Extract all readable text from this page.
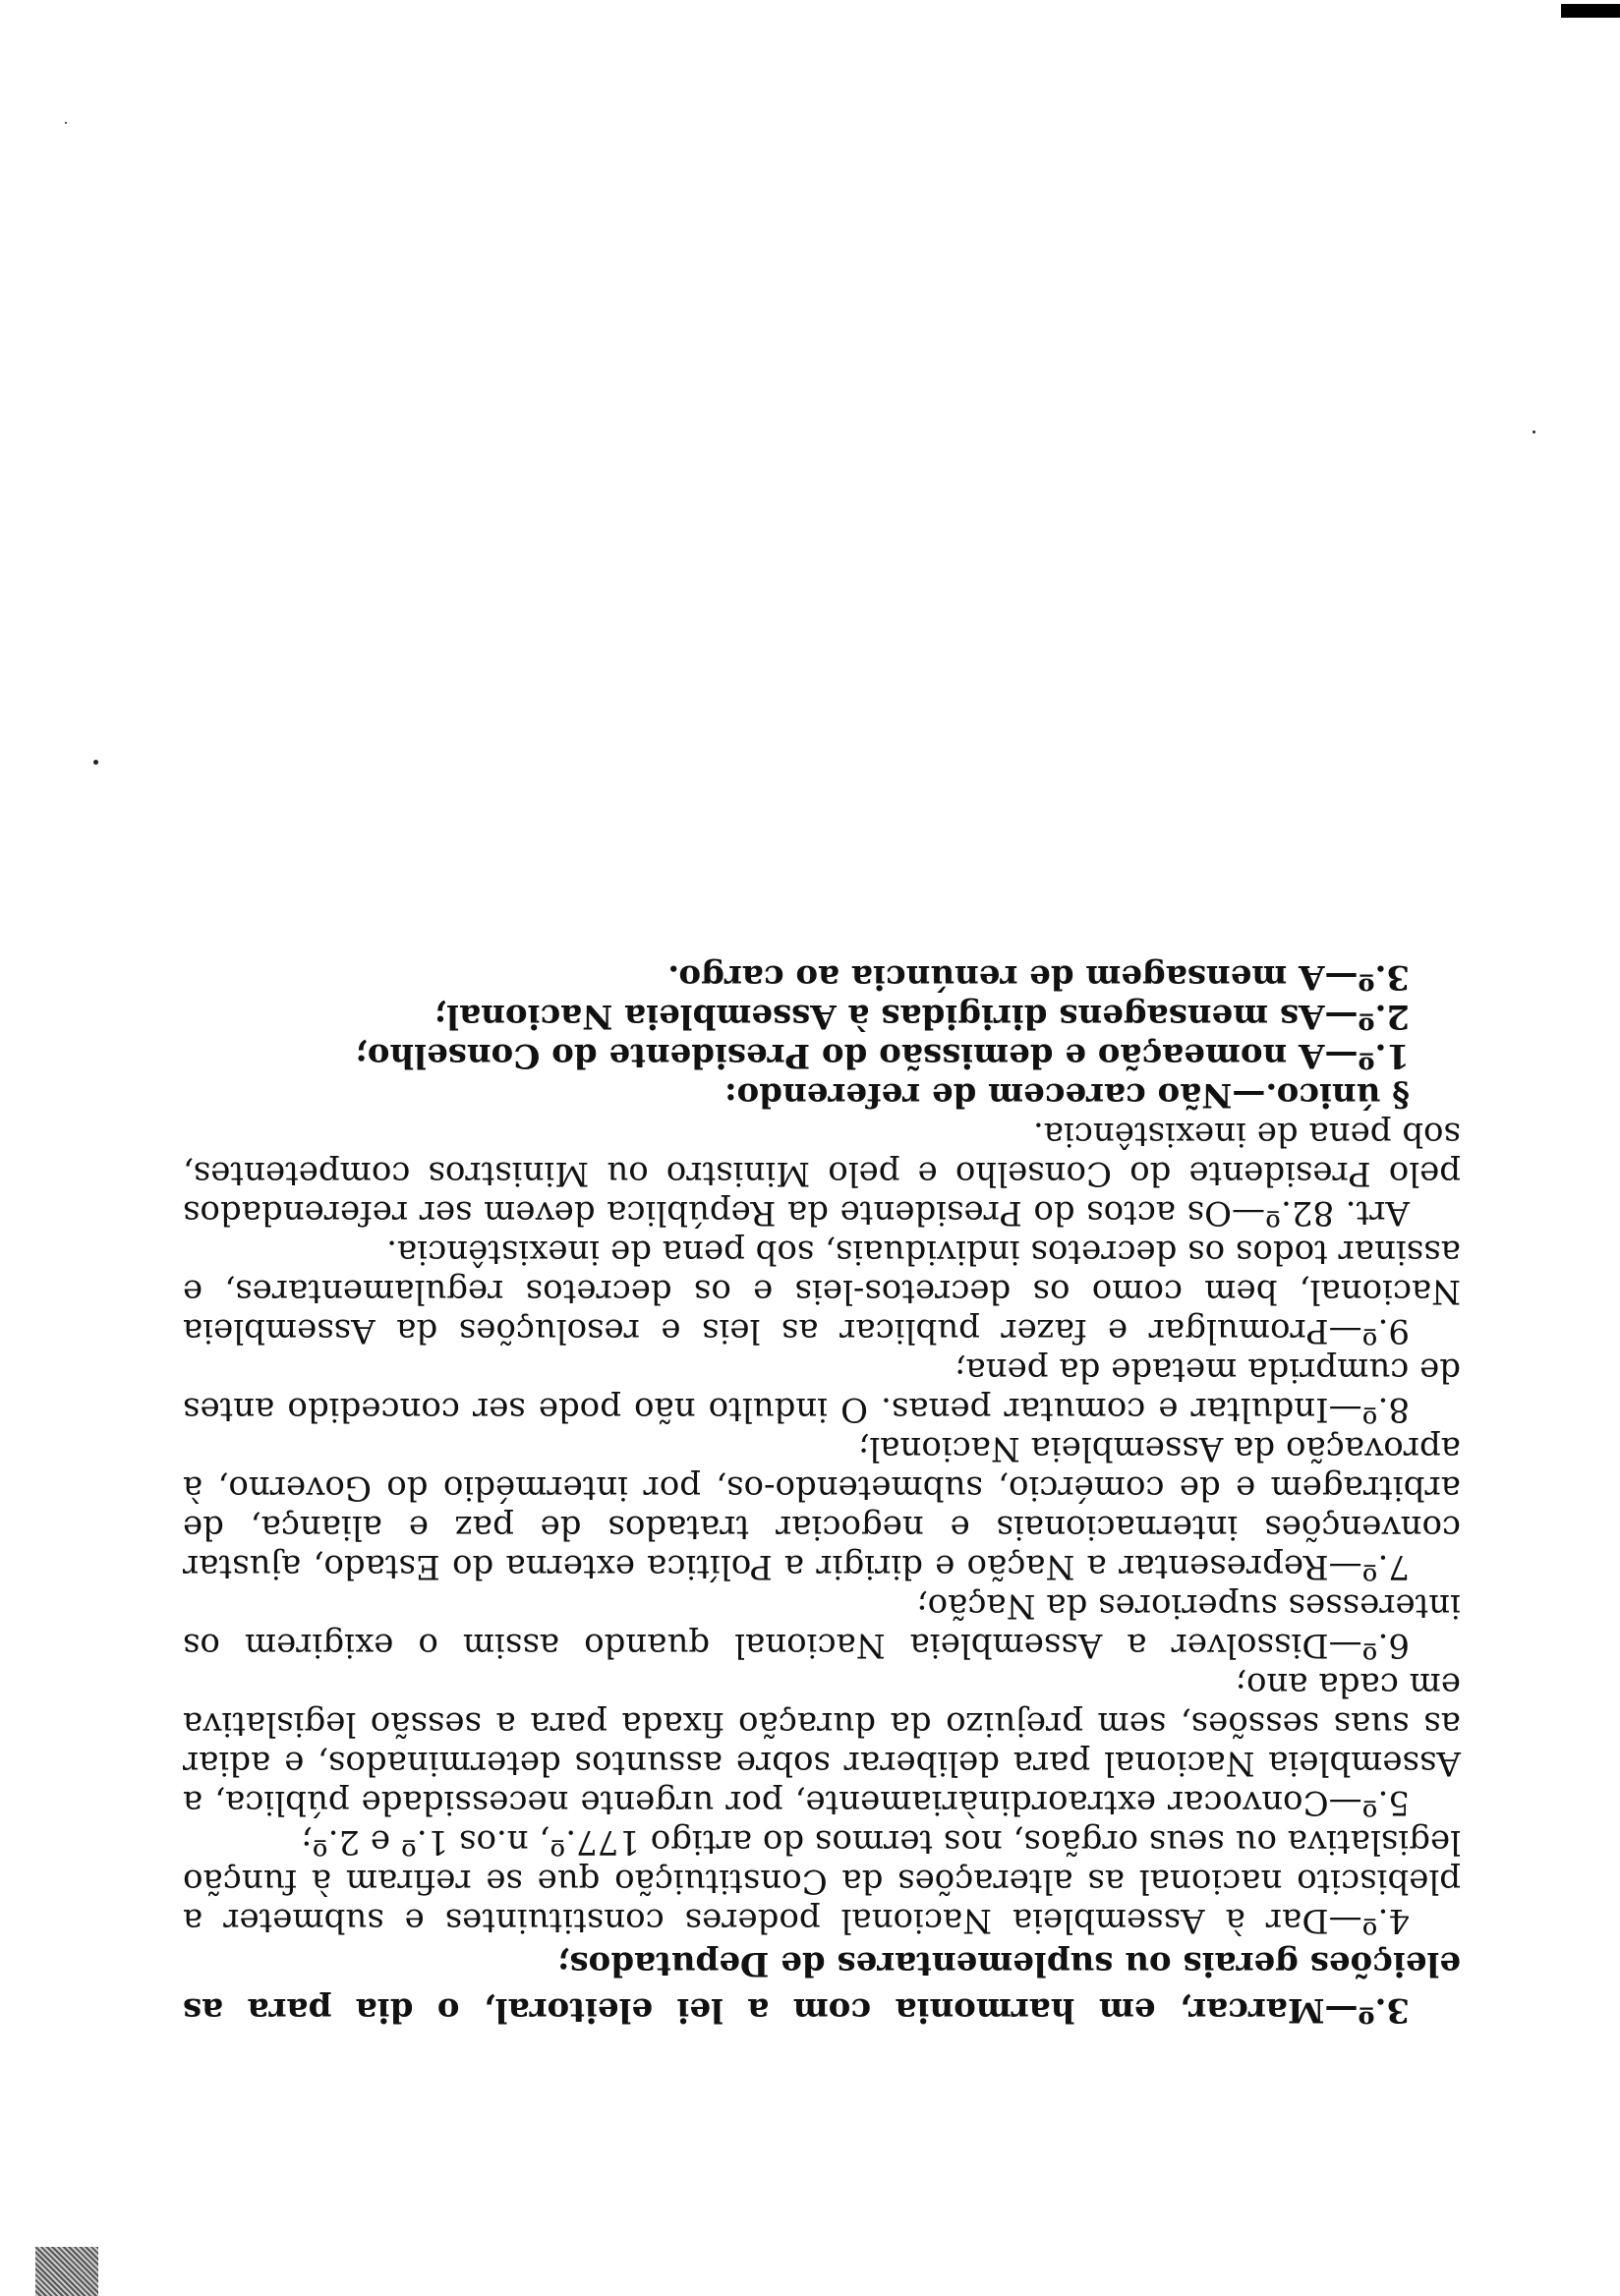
3.º—Marcar, em harmonia com a lei eleitoral, o dia para as eleições gerais ou suplementares de Deputados;

4.º—Dar à Assembleia Nacional poderes constituintes e submeter a plebiscito nacional as alterações da Constituição que se refiram à função legislativa ou seus orgãos, nos termos do artigo 177.º, n.os 1.º e 2.º;

5.º—Convocar extraordinàriamente, por urgente necessidade pública, a Assembleia Nacional para deliberar sobre assuntos determinados, e adiar as suas sessões, sem prejuizo da duração fixada para a sessão legislativa em cada ano;

6.º—Dissolver a Assembleia Nacional quando assim o exigirem os interesses superiores da Nação;

7.º—Representar a Nação e dirigir a Política externa do Estado, ajustar convenções internacionais e negociar tratados de paz e aliança, de arbitragem e de comércio, submetendo-os, por intermédio do Governo, à aprovação da Assembleia Nacional;

8.º—Indultar e comutar penas. O indulto não pode ser concedido antes de cumprida metade da pena;

9.º—Promulgar e fazer publicar as leis e resoluções da Assembleia Nacional, bem como os decretos-leis e os decretos regulamentares, e assinar todos os decretos individuais, sob pena de inexistência.

Art. 82.º—Os actos do Presidente da República devem ser referendados pelo Presidente do Conselho e pelo Ministro ou Ministros competentes, sob pena de inexistência.

§ único.—Não carecem de referendo:

1.º—A nomeação e demissão do Presidente do Conselho;

2.º—As mensagens dirigidas à Assembleia Nacional;

3.º—A mensagem de renúncia ao cargo.
